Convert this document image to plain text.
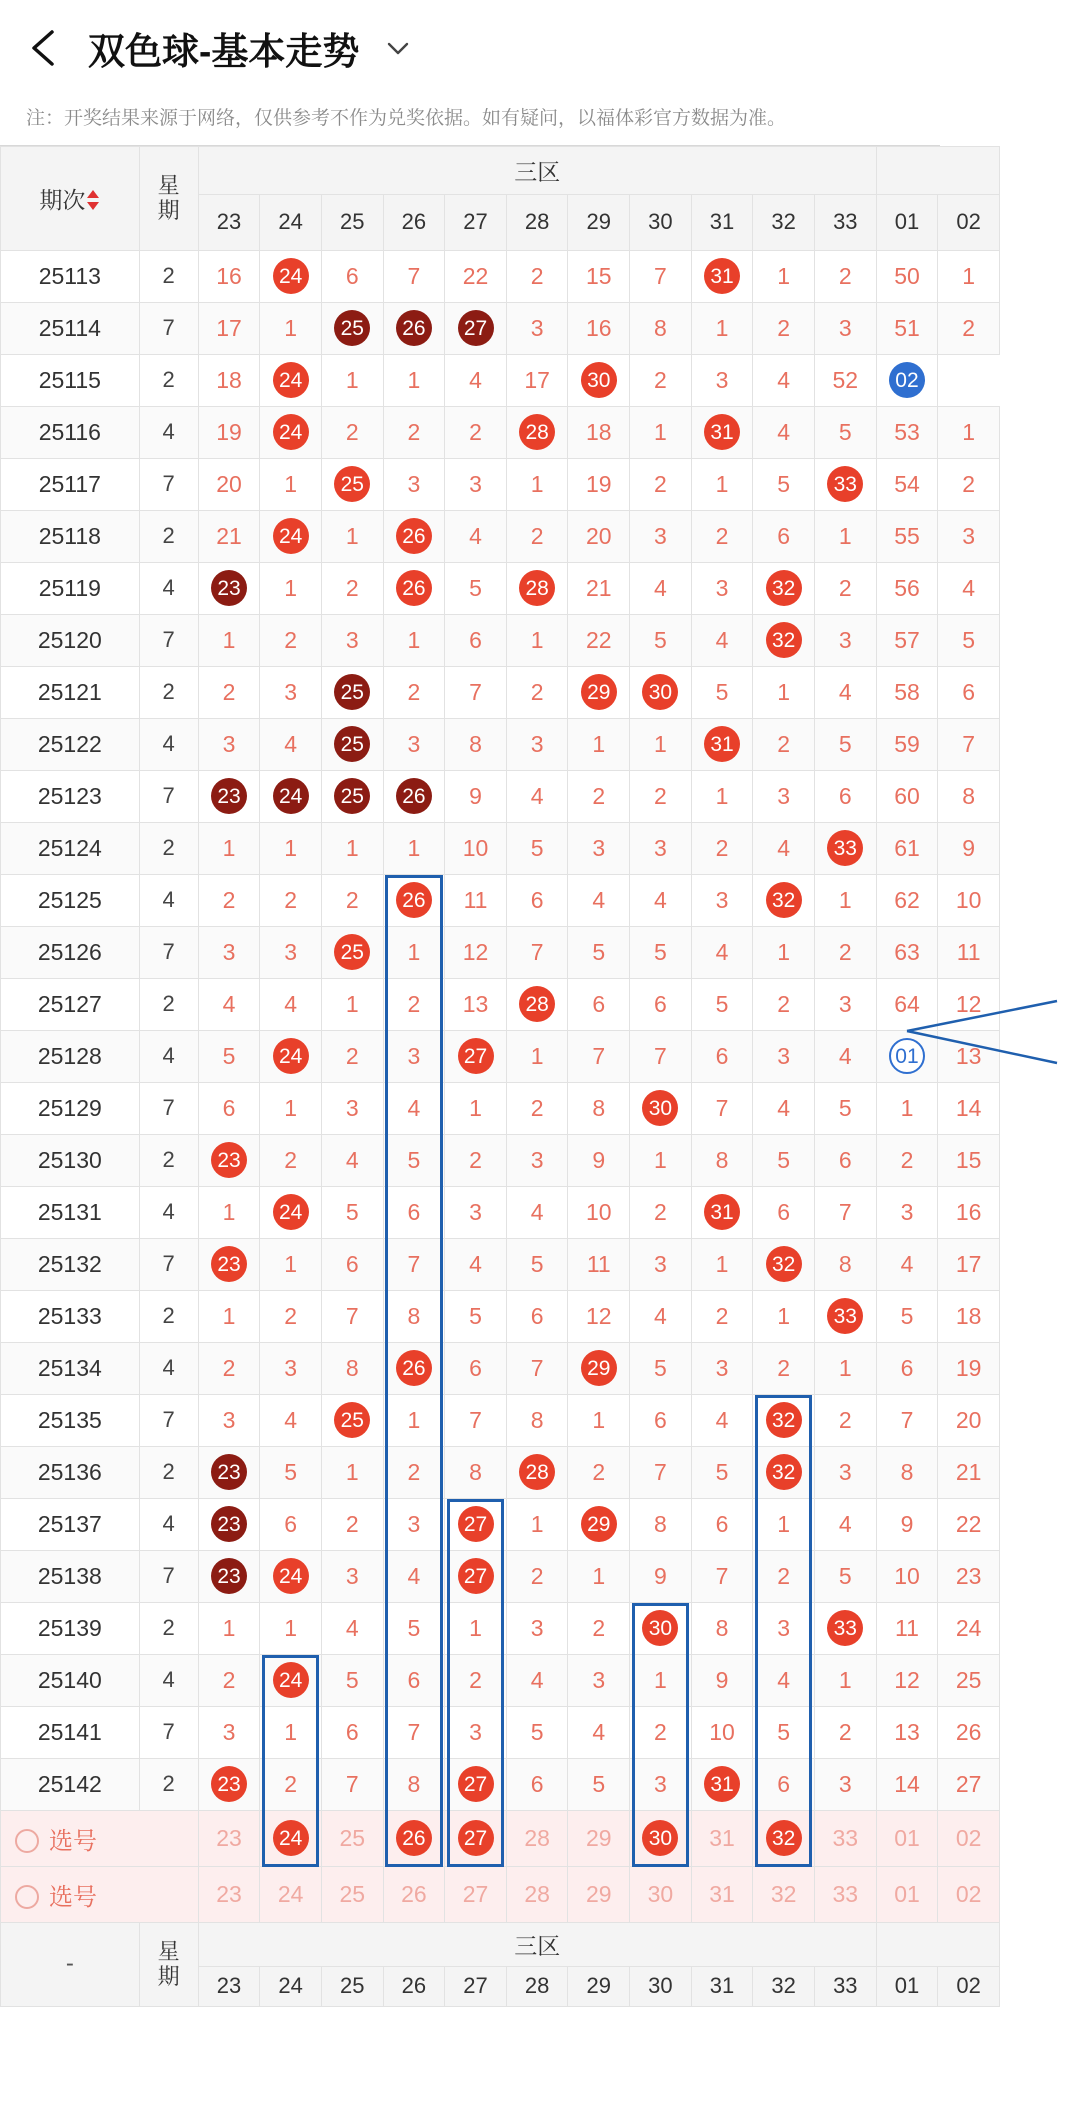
双色球-基本走势
注：开奖结果来源于网络，仅供参考不作为兑奖依据。如有疑问，以福体彩官方数据为准。
期次	星
期	三区												
		23	24	25	26	27	28	29	30	31	32	33	01	02
25113	2	16	24	6	7	22	2	15	7	31	1	2	50	1
25114	7	17	1	25	26	27	3	16	8	1	2	3	51	2
25115	2	18	24	1	1	4	17	30	2	3	4	52	02	
25116	4	19	24	2	2	2	28	18	1	31	4	5	53	1
25117	7	20	1	25	3	3	1	19	2	1	5	33	54	2
25118	2	21	24	1	26	4	2	20	3	2	6	1	55	3
25119	4	23	1	2	26	5	28	21	4	3	32	2	56	4
25120	7	1	2	3	1	6	1	22	5	4	32	3	57	5
25121	2	2	3	25	2	7	2	29	30	5	1	4	58	6
25122	4	3	4	25	3	8	3	1	1	31	2	5	59	7
25123	7	23	24	25	26	9	4	2	2	1	3	6	60	8
25124	2	1	1	1	1	10	5	3	3	2	4	33	61	9
25125	4	2	2	2	26	11	6	4	4	3	32	1	62	10
25126	7	3	3	25	1	12	7	5	5	4	1	2	63	11
25127	2	4	4	1	2	13	28	6	6	5	2	3	64	12
25128	4	5	24	2	3	27	1	7	7	6	3	4	01	13
25129	7	6	1	3	4	1	2	8	30	7	4	5	1	14
25130	2	23	2	4	5	2	3	9	1	8	5	6	2	15
25131	4	1	24	5	6	3	4	10	2	31	6	7	3	16
25132	7	23	1	6	7	4	5	11	3	1	32	8	4	17
25133	2	1	2	7	8	5	6	12	4	2	1	33	5	18
25134	4	2	3	8	26	6	7	29	5	3	2	1	6	19
25135	7	3	4	25	1	7	8	1	6	4	32	2	7	20
25136	2	23	5	1	2	8	28	2	7	5	32	3	8	21
25137	4	23	6	2	3	27	1	29	8	6	1	4	9	22
25138	7	23	24	3	4	27	2	1	9	7	2	5	10	23
25139	2	1	1	4	5	1	3	2	30	8	3	33	11	24
25140	4	2	24	5	6	2	4	3	1	9	4	1	12	25
25141	7	3	1	6	7	3	5	4	2	10	5	2	13	26
25142	2	23	2	7	8	27	6	5	3	31	6	3	14	27
选号		23	24	25	26	27	28	29	30	31	32	33	01	02
选号		23	24	25	26	27	28	29	30	31	32	33	01	02
-	星
期	三区												
		23	24	25	26	27	28	29	30	31	32	33	01	02
